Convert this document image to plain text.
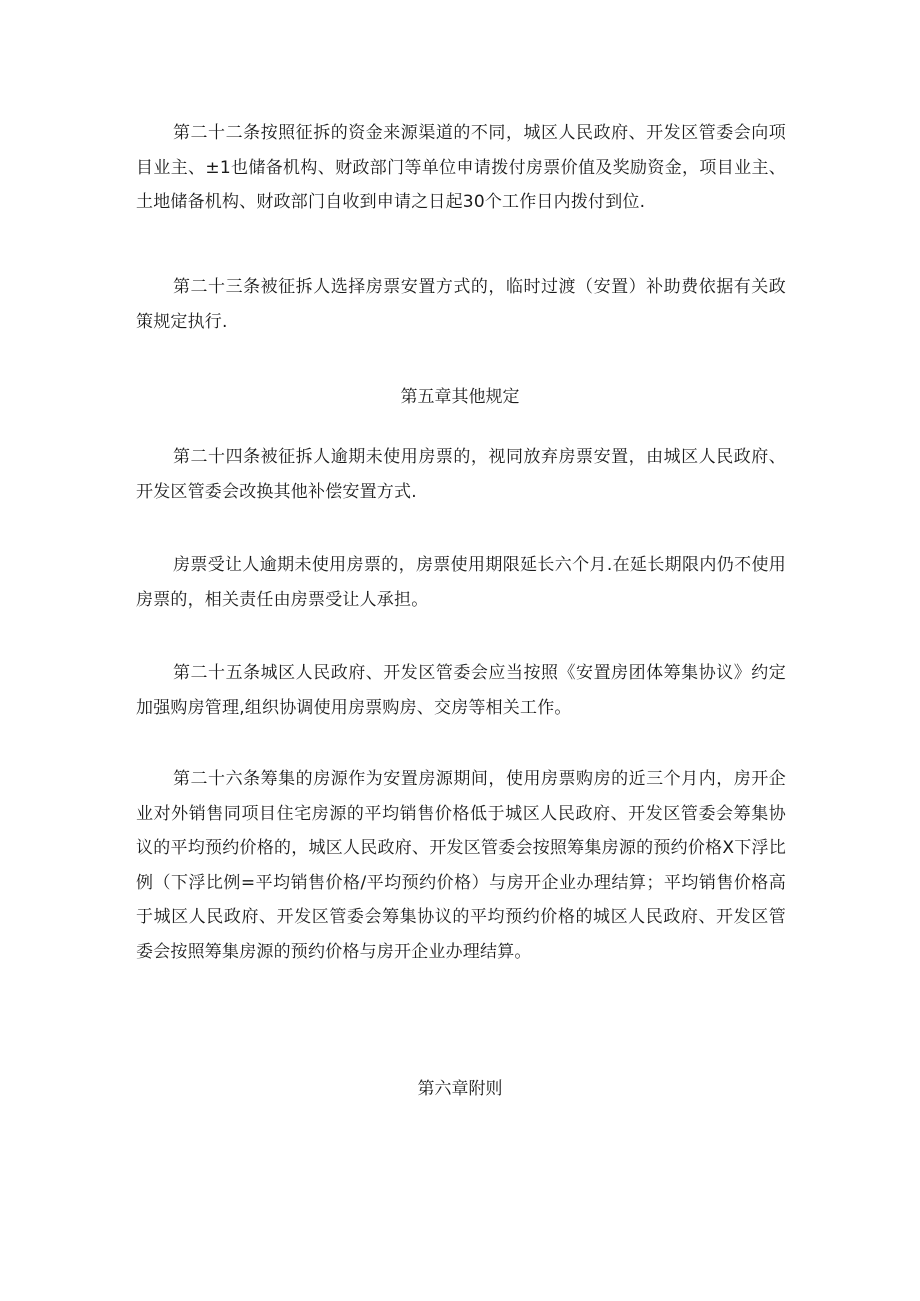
第二十二条按照征拆的资金来源渠道的不同，城区人民政府、开发区管委会向项目业主、±1也储备机构、财政部门等单位申请拨付房票价值及奖励资金，项目业主、土地储备机构、财政部门自收到申请之日起30个工作日内拨付到位.

第二十三条被征拆人选择房票安置方式的，临时过渡（安置）补助费依据有关政策规定执行.

第五章其他规定

第二十四条被征拆人逾期未使用房票的，视同放弃房票安置，由城区人民政府、开发区管委会改换其他补偿安置方式.

房票受让人逾期未使用房票的，房票使用期限延长六个月.在延长期限内仍不使用房票的，相关责任由房票受让人承担。

第二十五条城区人民政府、开发区管委会应当按照《安置房团体筹集协议》约定加强购房管理,组织协调使用房票购房、交房等相关工作。

第二十六条筹集的房源作为安置房源期间，使用房票购房的近三个月内，房开企业对外销售同项目住宅房源的平均销售价格低于城区人民政府、开发区管委会筹集协议的平均预约价格的，城区人民政府、开发区管委会按照筹集房源的预约价格X下浮比例（下浮比例=平均销售价格/平均预约价格）与房开企业办理结算；平均销售价格高于城区人民政府、开发区管委会筹集协议的平均预约价格的城区人民政府、开发区管委会按照筹集房源的预约价格与房开企业办理结算。

第六章附则
